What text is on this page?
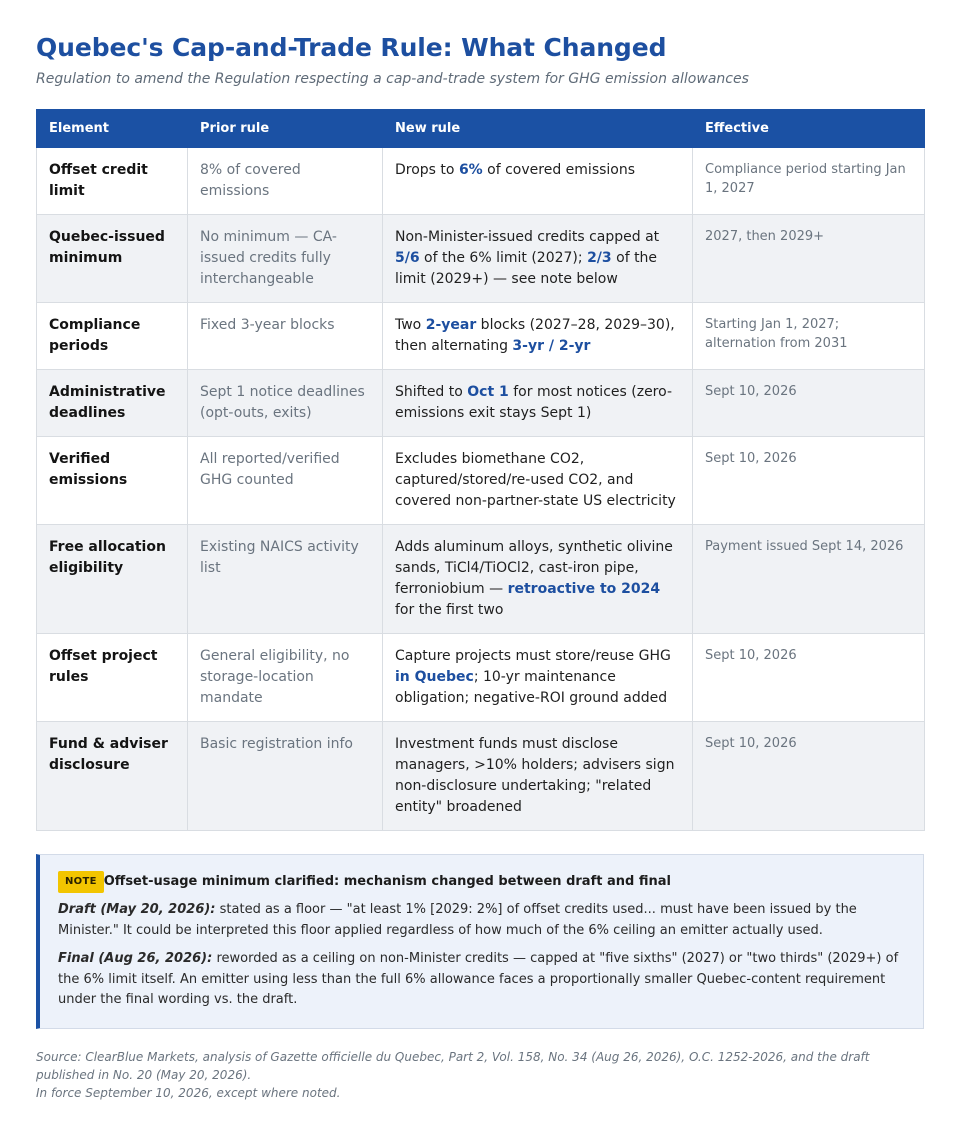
Quebec's Cap-and-Trade Rule: What Changed
Regulation to amend the Regulation respecting a cap-and-trade system for GHG emission allowances
Element	Prior rule	New rule	Effective
Offset credit limit	8% of covered emissions	Drops to 6% of covered emissions	Compliance period starting Jan 1, 2027
Quebec-issued minimum	No minimum — CA-issued credits fully interchangeable	Non-Minister-issued credits capped at 5/6 of the 6% limit (2027); 2/3 of the limit (2029+) — see note below	2027, then 2029+
Compliance periods	Fixed 3-year blocks	Two 2-year blocks (2027–28, 2029–30), then alternating 3-yr / 2-yr	Starting Jan 1, 2027; alternation from 2031
Administrative deadlines	Sept 1 notice deadlines (opt-outs, exits)	Shifted to Oct 1 for most notices (zero-emissions exit stays Sept 1)	Sept 10, 2026
Verified emissions	All reported/verified GHG counted	Excludes biomethane CO2, captured/stored/re-used CO2, and covered non-partner-state US electricity	Sept 10, 2026
Free allocation eligibility	Existing NAICS activity list	Adds aluminum alloys, synthetic olivine sands, TiCl4/TiOCl2, cast-iron pipe, ferroniobium — retroactive to 2024 for the first two	Payment issued Sept 14, 2026
Offset project rules	General eligibility, no storage-location mandate	Capture projects must store/reuse GHG in Quebec; 10-yr maintenance obligation; negative-ROI ground added	Sept 10, 2026
Fund & adviser disclosure	Basic registration info	Investment funds must disclose managers, >10% holders; advisers sign non-disclosure undertaking; "related entity" broadened	Sept 10, 2026
NOTE Offset-usage minimum clarified: mechanism changed between draft and final

Draft (May 20, 2026): stated as a floor — "at least 1% [2029: 2%] of offset credits used... must have been issued by the Minister." It could be interpreted this floor applied regardless of how much of the 6% ceiling an emitter actually used.

Final (Aug 26, 2026): reworded as a ceiling on non-Minister credits — capped at "five sixths" (2027) or "two thirds" (2029+) of the 6% limit itself. An emitter using less than the full 6% allowance faces a proportionally smaller Quebec-content requirement under the final wording vs. the draft.

Source: ClearBlue Markets, analysis of Gazette officielle du Quebec, Part 2, Vol. 158, No. 34 (Aug 26, 2026), O.C. 1252-2026, and the draft published in No. 20 (May 20, 2026).
In force September 10, 2026, except where noted.
